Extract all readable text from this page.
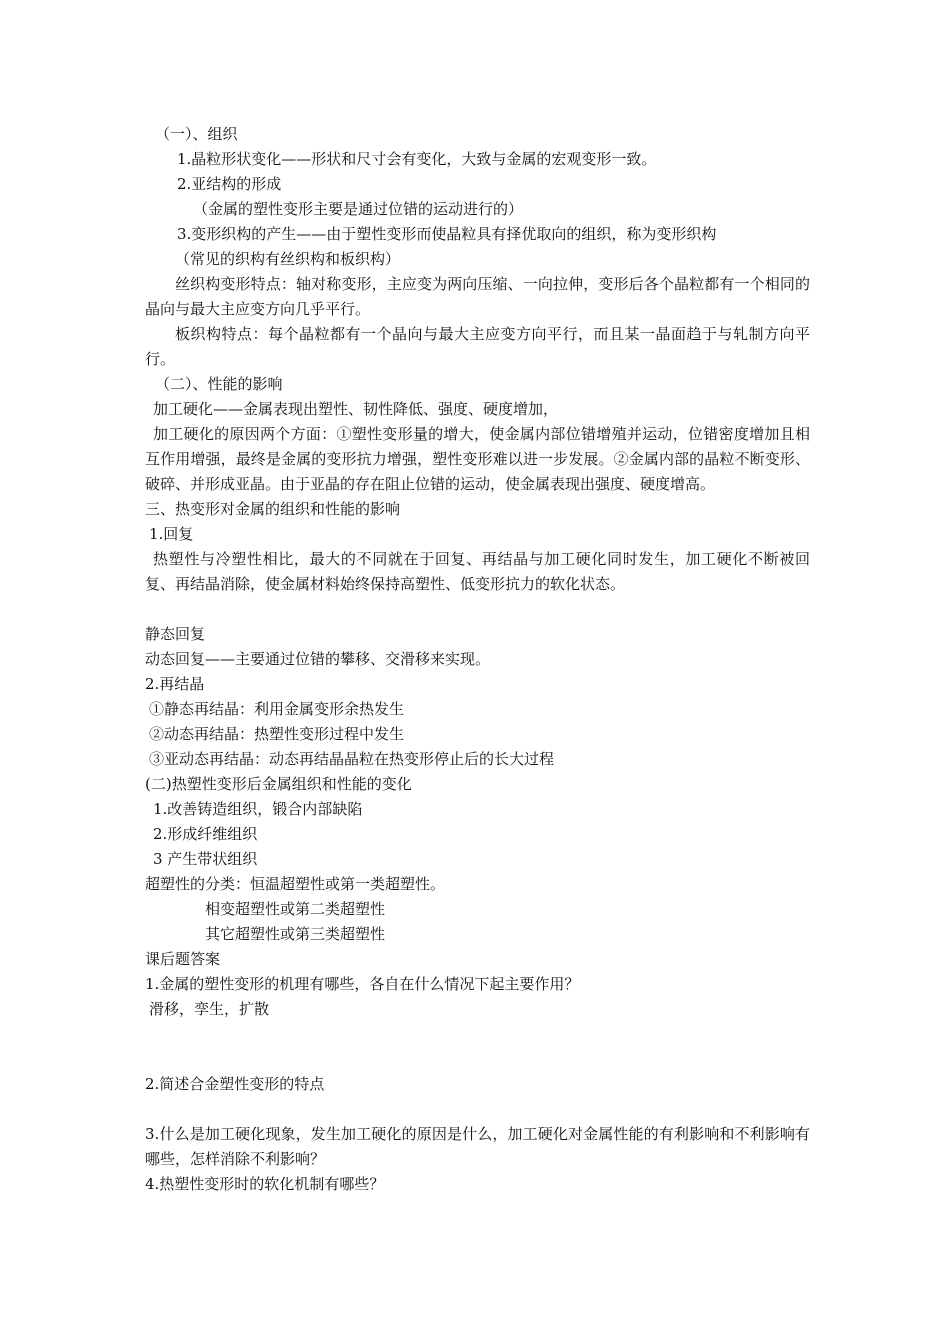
（一）、组织
1.晶粒形状变化——形状和尺寸会有变化，大致与金属的宏观变形一致。
2.亚结构的形成
（金属的塑性变形主要是通过位错的运动进行的）
3.变形织构的产生——由于塑性变形而使晶粒具有择优取向的组织，称为变形织构
（常见的织构有丝织构和板织构）
丝织构变形特点：轴对称变形，主应变为两向压缩、一向拉伸，变形后各个晶粒都有一个相同的晶向与最大主应变方向几乎平行。
板织构特点：每个晶粒都有一个晶向与最大主应变方向平行，而且某一晶面趋于与轧制方向平行。
（二）、性能的影响
加工硬化——金属表现出塑性、韧性降低、强度、硬度增加，
加工硬化的原因两个方面：①塑性变形量的增大，使金属内部位错增殖并运动，位错密度增加且相互作用增强，最终是金属的变形抗力增强，塑性变形难以进一步发展。②金属内部的晶粒不断变形、破碎、并形成亚晶。由于亚晶的存在阻止位错的运动，使金属表现出强度、硬度增高。
三、热变形对金属的组织和性能的影响
1.回复
热塑性与冷塑性相比，最大的不同就在于回复、再结晶与加工硬化同时发生，加工硬化不断被回复、再结晶消除，使金属材料始终保持高塑性、低变形抗力的软化状态。
静态回复
动态回复——主要通过位错的攀移、交滑移来实现。
2.再结晶
①静态再结晶：利用金属变形余热发生
②动态再结晶：热塑性变形过程中发生
③亚动态再结晶：动态再结晶晶粒在热变形停止后的长大过程
(二)热塑性变形后金属组织和性能的变化
1.改善铸造组织，锻合内部缺陷
2.形成纤维组织
3 产生带状组织
超塑性的分类：恒温超塑性或第一类超塑性。
相变超塑性或第二类超塑性
其它超塑性或第三类超塑性
课后题答案
1.金属的塑性变形的机理有哪些，各自在什么情况下起主要作用？
滑移，孪生，扩散
2.简述合金塑性变形的特点
3.什么是加工硬化现象，发生加工硬化的原因是什么，加工硬化对金属性能的有利影响和不利影响有哪些，怎样消除不利影响？
4.热塑性变形时的软化机制有哪些？
